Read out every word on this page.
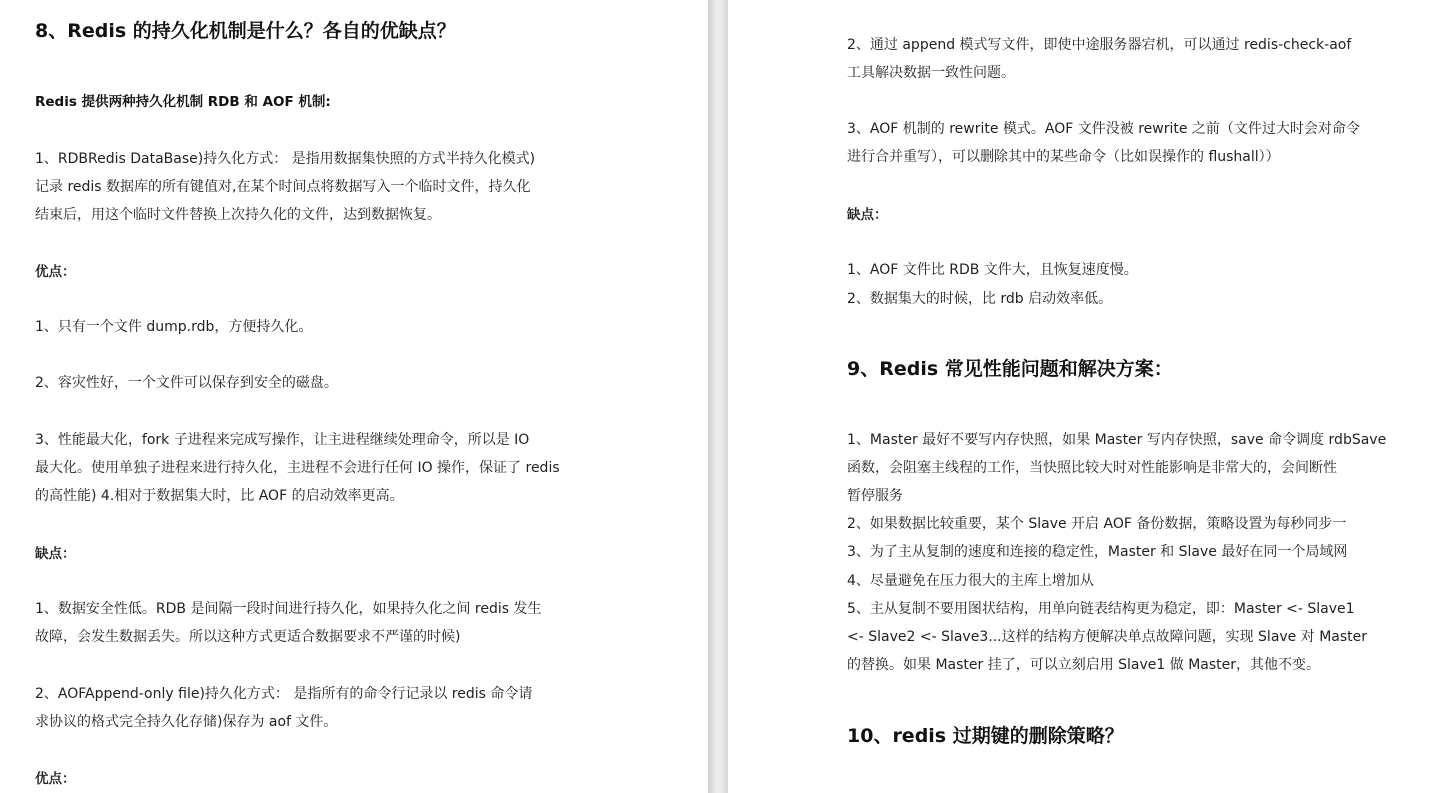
8、Redis 的持久化机制是什么？各自的优缺点？
Redis 提供两种持久化机制 RDB 和 AOF 机制:
1、RDBRedis DataBase)持久化方式： 是指用数据集快照的方式半持久化模式)
记录 redis 数据库的所有键值对,在某个时间点将数据写入一个临时文件，持久化
结束后，用这个临时文件替换上次持久化的文件，达到数据恢复。
优点：
1、只有一个文件 dump.rdb，方便持久化。
2、容灾性好，一个文件可以保存到安全的磁盘。
3、性能最大化，fork 子进程来完成写操作，让主进程继续处理命令，所以是 IO
最大化。使用单独子进程来进行持久化，主进程不会进行任何 IO 操作，保证了 redis
的高性能) 4.相对于数据集大时，比 AOF 的启动效率更高。
缺点：
1、数据安全性低。RDB 是间隔一段时间进行持久化，如果持久化之间 redis 发生
故障，会发生数据丢失。所以这种方式更适合数据要求不严谨的时候)
2、AOFAppend-only file)持久化方式： 是指所有的命令行记录以 redis 命令请
求协议的格式完全持久化存储)保存为 aof 文件。
优点：
2、通过 append 模式写文件，即使中途服务器宕机，可以通过 redis-check-aof
工具解决数据一致性问题。
3、AOF 机制的 rewrite 模式。AOF 文件没被 rewrite 之前（文件过大时会对命令
进行合并重写），可以删除其中的某些命令（比如误操作的 flushall））
缺点：
1、AOF 文件比 RDB 文件大，且恢复速度慢。
2、数据集大的时候，比 rdb 启动效率低。
9、Redis 常见性能问题和解决方案：
1、Master 最好不要写内存快照，如果 Master 写内存快照，save 命令调度 rdbSave
函数，会阻塞主线程的工作，当快照比较大时对性能影响是非常大的，会间断性
暂停服务
2、如果数据比较重要，某个 Slave 开启 AOF 备份数据，策略设置为每秒同步一
3、为了主从复制的速度和连接的稳定性，Master 和 Slave 最好在同一个局域网
4、尽量避免在压力很大的主库上增加从
5、主从复制不要用图状结构，用单向链表结构更为稳定，即：Master <- Slave1
<- Slave2 <- Slave3...这样的结构方便解决单点故障问题，实现 Slave 对 Master
的替换。如果 Master 挂了，可以立刻启用 Slave1 做 Master，其他不变。
10、redis 过期键的删除策略？
